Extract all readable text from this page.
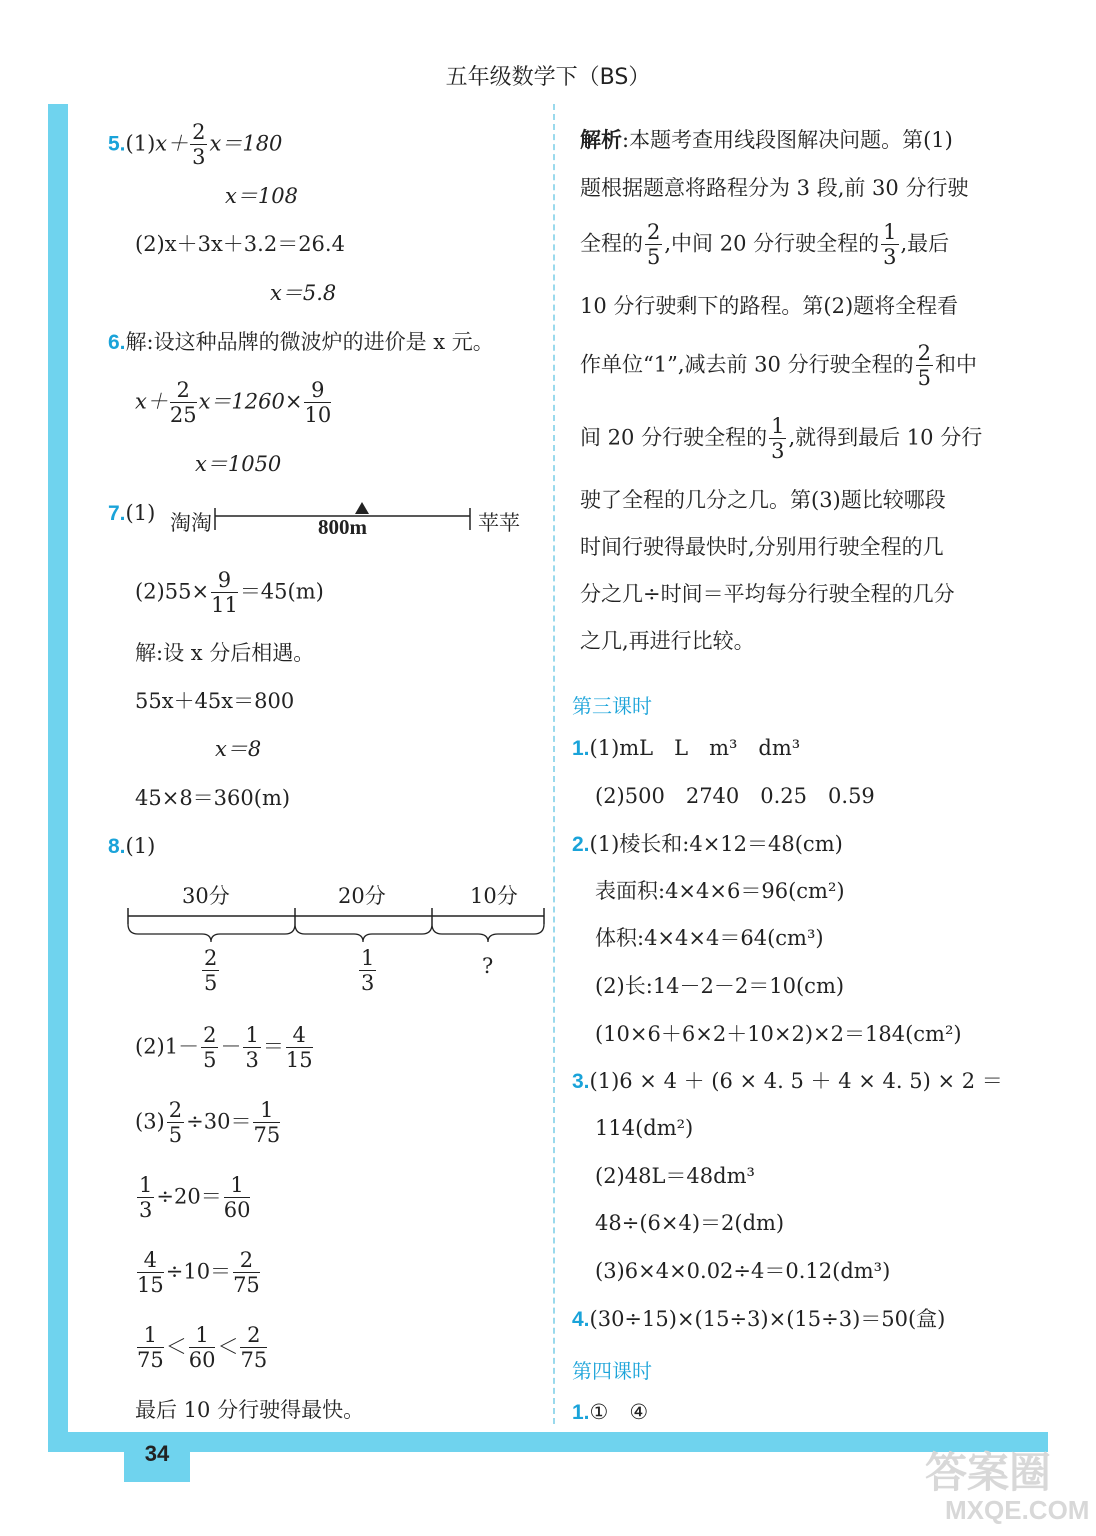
34
五年级数学下（BS）
$5.(1)x+ \frac{2}{3} x=180$
x＝108
(2)x＋3x＋3.2＝26.4
x＝5.8
6.解:设这种品牌的微波炉的进价是 x 元。
$x+ \frac{2}{25} x=1260\times \frac{9}{10}$
x＝1050
7.(1) 淘淘	苹苹
800m
$(2)55\times \frac{9}{11} =45(m)$
解:设 x 分后相遇。
55x＋45x＝800
x＝8
45×8＝360(m)
8.(1)
30分	20分	10分
$\frac{2}{5}$	$\frac{1}{3}$	?
$(2)1- \frac{2}{5} - \frac{1}{3} = \frac{4}{15}$
$(3) \frac{2}{5} \div 30= \frac{1}{75}$
$\frac{1}{3} \div 20= \frac{1}{60}$
$\frac{4}{15} \div 10= \frac{2}{75}$
$\frac{1}{75} < \frac{1}{60} < \frac{2}{75}$
最后 10 分行驶得最快。
解析:本题考查用线段图解决问题。第(1)
题根据题意将路程分为 3 段,前 30 分行驶
全程的 $\frac{2}{5}$ ,中间 20 分行驶全程的 $\frac{1}{3}$ ,最后
10 分行驶剩下的路程。第(2)题将全程看
作单位“1”,减去前 30 分行驶全程的 $\frac{2}{5}$ 和中
间 20 分行驶全程的 $\frac{1}{3}$ ,就得到最后 10 分行
驶了全程的几分之几。第(3)题比较哪段
时间行驶得最快时,分别用行驶全程的几
分之几÷时间＝平均每分行驶全程的几分
之几,再进行比较。
第三课时
1.(1)mL　L　m³　dm³
(2)500　2740　0.25　0.59
2.(1)棱长和:4×12＝48(cm)
表面积:4×4×6＝96(cm²)
体积:4×4×4＝64(cm³)
(2)长:14－2－2＝10(cm)
(10×6＋6×2＋10×2)×2＝184(cm²)
3.(1)6 × 4 ＋ (6 × 4. 5 ＋ 4 × 4. 5) × 2 ＝
114(dm²)
(2)48L＝48dm³
48÷(6×4)＝2(dm)
(3)6×4×0.02÷4＝0.12(dm³)
4.(30÷15)×(15÷3)×(15÷3)＝50(盒)
第四课时
1.①　④
答案圈
MXQE.COM
